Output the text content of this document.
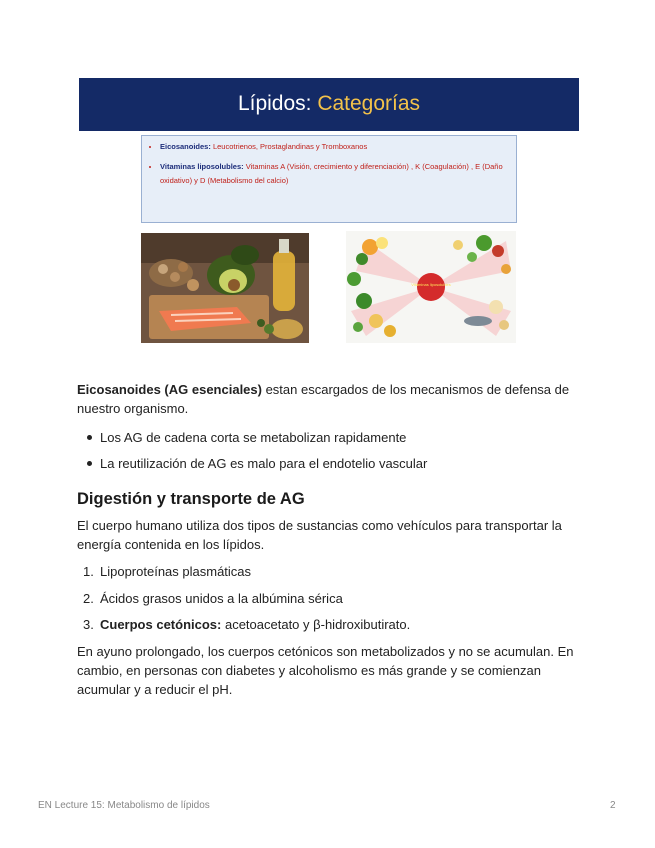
Lípidos: Categorías
• Eicosanoides: Leucotrienos, Prostaglandinas y Tromboxanos
• Vitaminas liposolubles: Vitaminas A (Visión, crecimiento y diferenciación) , K (Coagulación) , E (Daño oxidativo) y D (Metabolismo del calcio)
Vitaminas liposolubles
Eicosanoides (AG esenciales) estan escargados de los mecanismos de defensa de nuestro organismo.
Los AG de cadena corta se metabolizan rapidamente
La reutilización de AG es malo para el endotelio vascular
Digestión y transporte de AG
El cuerpo humano utiliza dos tipos de sustancias como vehículos para transportar la energía contenida en los lípidos.
1. Lipoproteínas plasmáticas
2. Ácidos grasos unidos a la albúmina sérica
3. Cuerpos cetónicos: acetoacetato y β-hidroxibutirato.
En ayuno prolongado, los cuerpos cetónicos son metabolizados y no se acumulan. En cambio, en personas con diabetes y alcoholismo es más grande y se comienzan acumular y a reducir el pH.
EN Lecture 15: Metabolismo de lípidos	2
